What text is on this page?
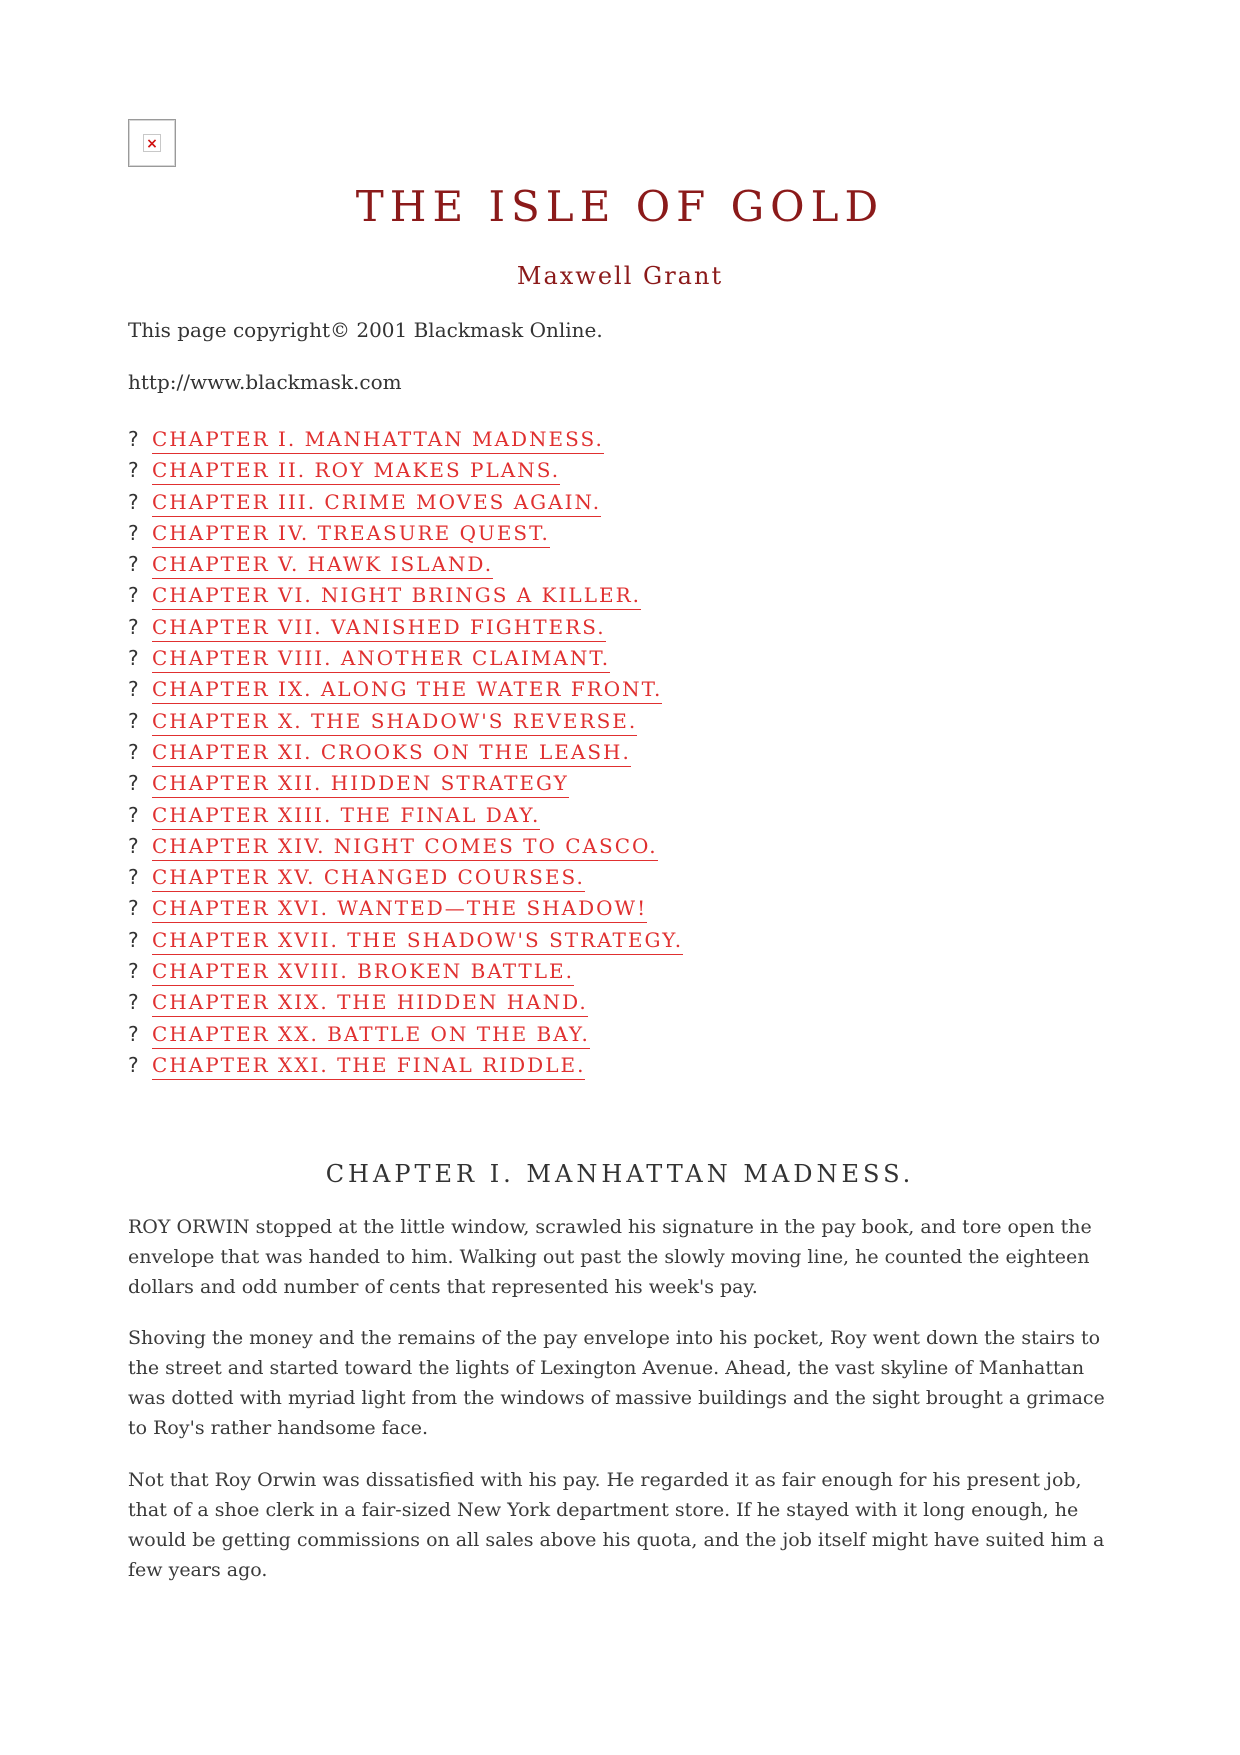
×
THE ISLE OF GOLD

Maxwell Grant

This page copyright© 2001 Blackmask Online.

http://www.blackmask.com

? CHAPTER I. MANHATTAN MADNESS.
? CHAPTER II. ROY MAKES PLANS.
? CHAPTER III. CRIME MOVES AGAIN.
? CHAPTER IV. TREASURE QUEST.
? CHAPTER V. HAWK ISLAND.
? CHAPTER VI. NIGHT BRINGS A KILLER.
? CHAPTER VII. VANISHED FIGHTERS.
? CHAPTER VIII. ANOTHER CLAIMANT.
? CHAPTER IX. ALONG THE WATER FRONT.
? CHAPTER X. THE SHADOW'S REVERSE.
? CHAPTER XI. CROOKS ON THE LEASH.
? CHAPTER XII. HIDDEN STRATEGY
? CHAPTER XIII. THE FINAL DAY.
? CHAPTER XIV. NIGHT COMES TO CASCO.
? CHAPTER XV. CHANGED COURSES.
? CHAPTER XVI. WANTED—THE SHADOW!
? CHAPTER XVII. THE SHADOW'S STRATEGY.
? CHAPTER XVIII. BROKEN BATTLE.
? CHAPTER XIX. THE HIDDEN HAND.
? CHAPTER XX. BATTLE ON THE BAY.
? CHAPTER XXI. THE FINAL RIDDLE.
CHAPTER I. MANHATTAN MADNESS.

ROY ORWIN stopped at the little window, scrawled his signature in the pay book, and tore open the envelope that was handed to him. Walking out past the slowly moving line, he counted the eighteen dollars and odd number of cents that represented his week's pay.

Shoving the money and the remains of the pay envelope into his pocket, Roy went down the stairs to the street and started toward the lights of Lexington Avenue. Ahead, the vast skyline of Manhattan was dotted with myriad light from the windows of massive buildings and the sight brought a grimace to Roy's rather handsome face.

Not that Roy Orwin was dissatisfied with his pay. He regarded it as fair enough for his present job, that of a shoe clerk in a fair-sized New York department store. If he stayed with it long enough, he would be getting commissions on all sales above his quota, and the job itself might have suited him a few years ago.
